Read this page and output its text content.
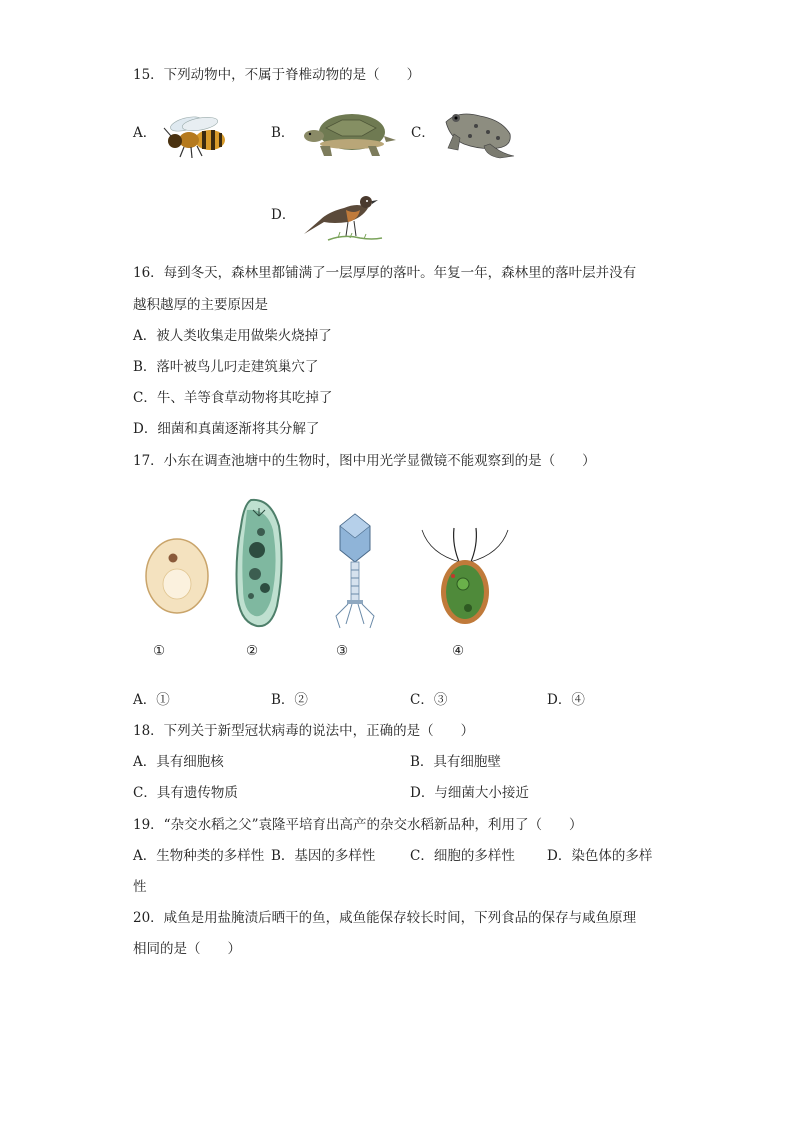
15．下列动物中，不属于脊椎动物的是（　　）
A．	B．	C．
D．
16．每到冬天，森林里都铺满了一层厚厚的落叶。年复一年，森林里的落叶层并没有
越积越厚的主要原因是
A．被人类收集走用做柴火烧掉了
B．落叶被鸟儿叼走建筑巢穴了
C．牛、羊等食草动物将其吃掉了
D．细菌和真菌逐渐将其分解了
17．小东在调查池塘中的生物时，图中用光学显微镜不能观察到的是（　　）
①	②	③	④
A．①	B．②	C．③	D．④
18．下列关于新型冠状病毒的说法中，正确的是（　　）
A．具有细胞核	B．具有细胞壁
C．具有遗传物质	D．与细菌大小接近
19．“杂交水稻之父”袁隆平培育出高产的杂交水稻新品种，利用了（　　）
A．生物种类的多样性 B．基因的多样性	C．细胞的多样性 D．染色体的多样
性
20．咸鱼是用盐腌渍后晒干的鱼，咸鱼能保存较长时间，下列食品的保存与咸鱼原理
相同的是（　　）
